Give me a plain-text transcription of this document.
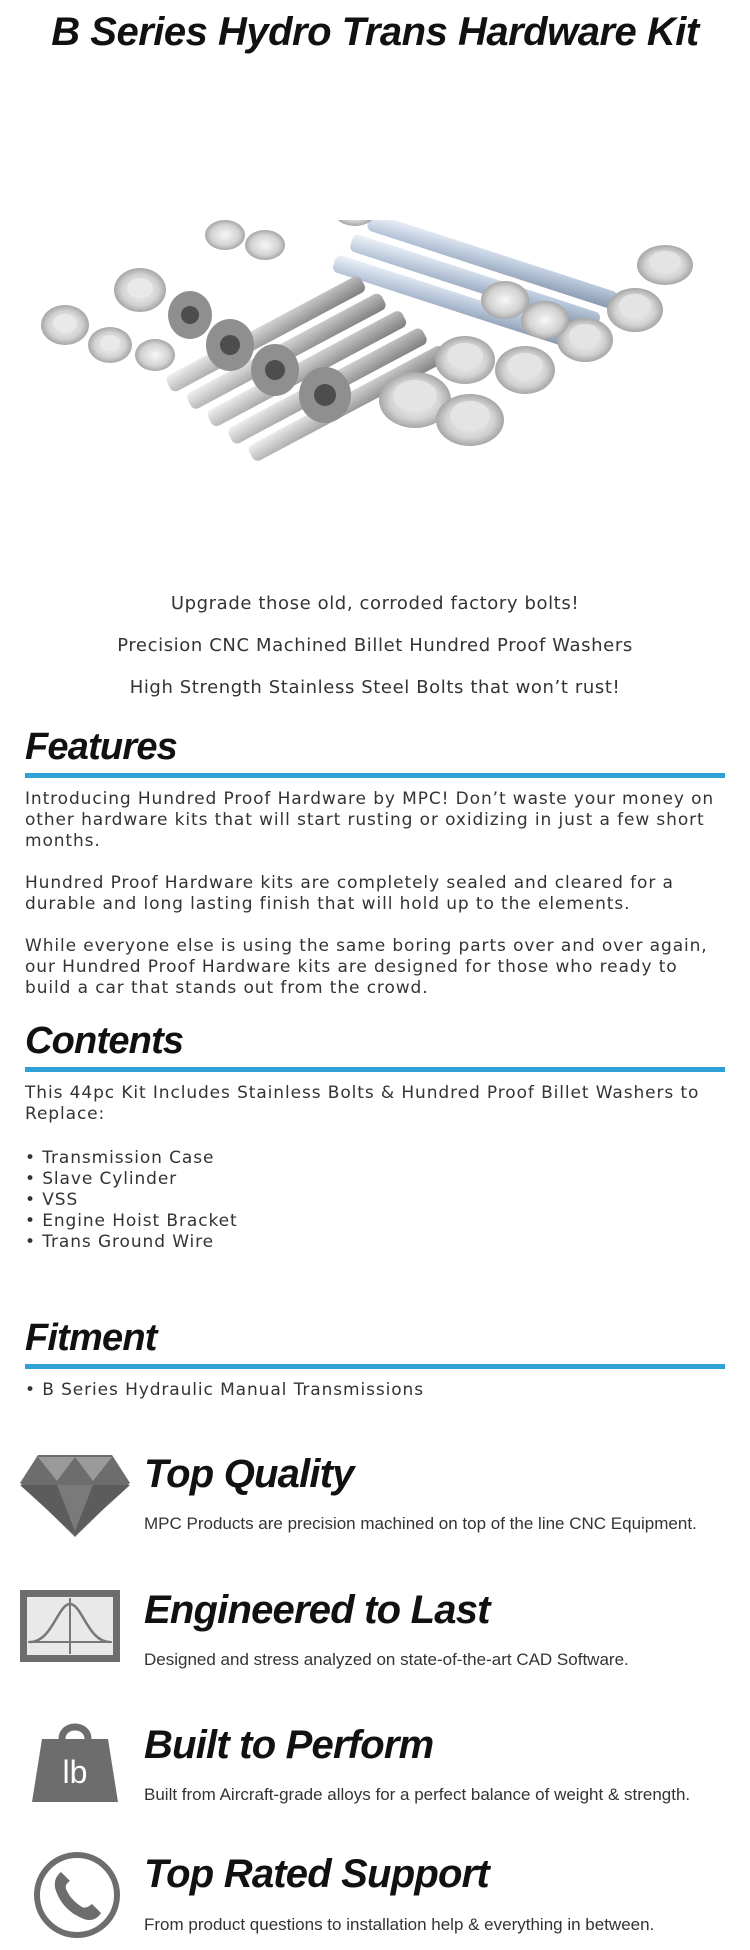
B Series Hydro Trans Hardware Kit
Upgrade those old, corroded factory bolts!
Precision CNC Machined Billet Hundred Proof Washers
High Strength Stainless Steel Bolts that won’t rust!
Features
Introducing Hundred Proof Hardware by MPC! Don’t waste your money on other hardware kits that will start rusting or oxidizing in just a few short months.
Hundred Proof Hardware kits are completely sealed and cleared for a durable and long lasting finish that will hold up to the elements.
While everyone else is using the same boring parts over and over again, our Hundred Proof Hardware kits are designed for those who ready to build a car that stands out from the crowd.
Contents
This 44pc Kit Includes Stainless Bolts & Hundred Proof Billet Washers to Replace:
• Transmission Case
• Slave Cylinder
• VSS
• Engine Hoist Bracket
• Trans Ground Wire
Fitment
• B Series Hydraulic Manual Transmissions
Top Quality
MPC Products are precision machined on top of the line CNC Equipment.
Engineered to Last
Designed and stress analyzed on state-of-the-art CAD Software.
lb
Built to Perform
Built from Aircraft-grade alloys for a perfect balance of weight & strength.
Top Rated Support
From product questions to installation help & everything in between.
